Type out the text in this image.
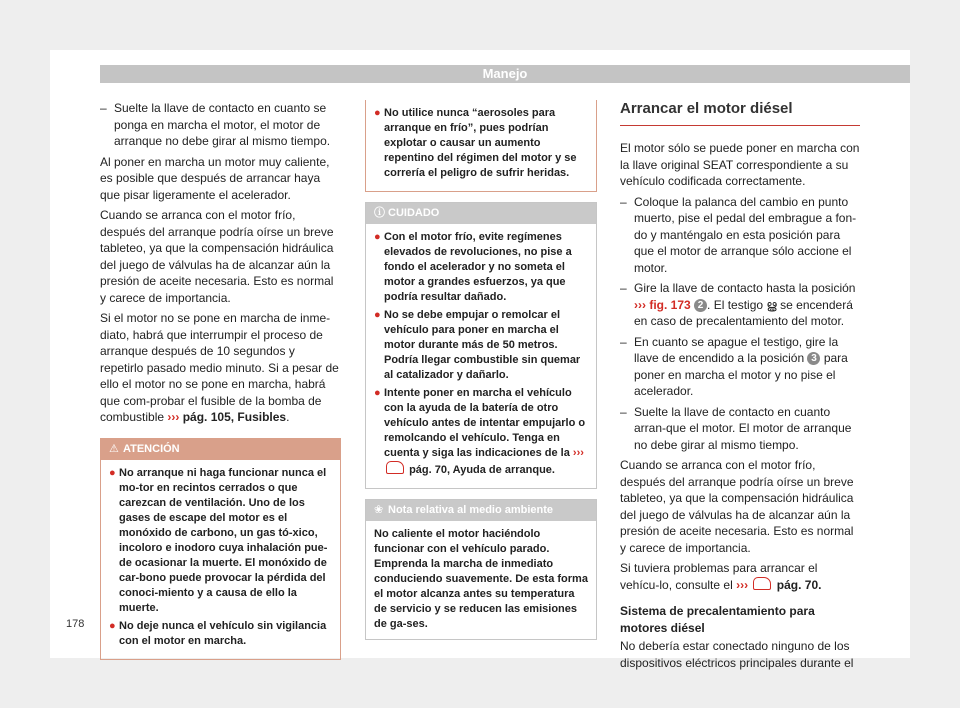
Manejo
– Suelte la llave de contacto en cuanto se ponga en marcha el motor, el motor de arranque no debe girar al mismo tiempo.

Al poner en marcha un motor muy caliente, es posible que después de arrancar haya que pisar ligeramente el acelerador.

Cuando se arranca con el motor frío, después del arranque podría oírse un breve tableteo, ya que la compensación hidráulica del juego de válvulas ha de alcanzar aún la presión de aceite necesaria. Esto es normal y carece de importancia.

Si el motor no se pone en marcha de inme-diato, habrá que interrumpir el proceso de arranque después de 10 segundos y repetirlo pasado medio minuto. Si a pesar de ello el motor no se pone en marcha, habrá que com-probar el fusible de la bomba de combustible ››› pág. 105, Fusibles.

⚠ ATENCIÓN
● No arranque ni haga funcionar nunca el mo-tor en recintos cerrados o que carezcan de ventilación. Uno de los gases de escape del motor es el monóxido de carbono, un gas tó-xico, incoloro e inodoro cuya inhalación pue-de ocasionar la muerte. El monóxido de car-bono puede provocar la pérdida del conoci-miento y a causa de ello la muerte.
● No deje nunca el vehículo sin vigilancia con el motor en marcha.
● No utilice nunca “aerosoles para arranque en frío”, pues podrían explotar o causar un aumento repentino del régimen del motor y se correría el peligro de sufrir heridas.
ⓘ CUIDADO
● Con el motor frío, evite regímenes elevados de revoluciones, no pise a fondo el acelerador y no someta el motor a grandes esfuerzos, ya que podría resultar dañado.
● No se debe empujar o remolcar el vehículo para poner en marcha el motor durante más de 50 metros. Podría llegar combustible sin quemar al catalizador y dañarlo.
● Intente poner en marcha el vehículo con la ayuda de la batería de otro vehículo antes de intentar empujarlo o remolcando el vehículo. Tenga en cuenta y siga las indicaciones de la ›››  pág. 70, Ayuda de arranque.
❀ Nota relativa al medio ambiente
No caliente el motor haciéndolo funcionar con el vehículo parado. Emprenda la marcha de inmediato conduciendo suavemente. De esta forma el motor alcanza antes su temperatura de servicio y se reducen las emisiones de ga-ses.
Arrancar el motor diésel

El motor sólo se puede poner en marcha con la llave original SEAT correspondiente a su vehículo codificada correctamente.

– Coloque la palanca del cambio en punto muerto, pise el pedal del embrague a fon-do y manténgalo en esta posición para que el motor de arranque sólo accione el motor.
– Gire la llave de contacto hasta la posición ››› fig. 173 2 . El testigo ൠ se encenderá en caso de precalentamiento del motor.
– En cuanto se apague el testigo, gire la llave de encendido a la posición 3 para poner en marcha el motor y no pise el acelerador.
– Suelte la llave de contacto en cuanto arran-que el motor. El motor de arranque no debe girar al mismo tiempo.

Cuando se arranca con el motor frío, después del arranque podría oírse un breve tableteo, ya que la compensación hidráulica del juego de válvulas ha de alcanzar aún la presión de aceite necesaria. Esto es normal y carece de importancia.

Si tuviera problemas para arrancar el vehícu-lo, consulte el ››› pág. 70.

Sistema de precalentamiento para motores diésel

No debería estar conectado ninguno de los dispositivos eléctricos principales durante el

178
